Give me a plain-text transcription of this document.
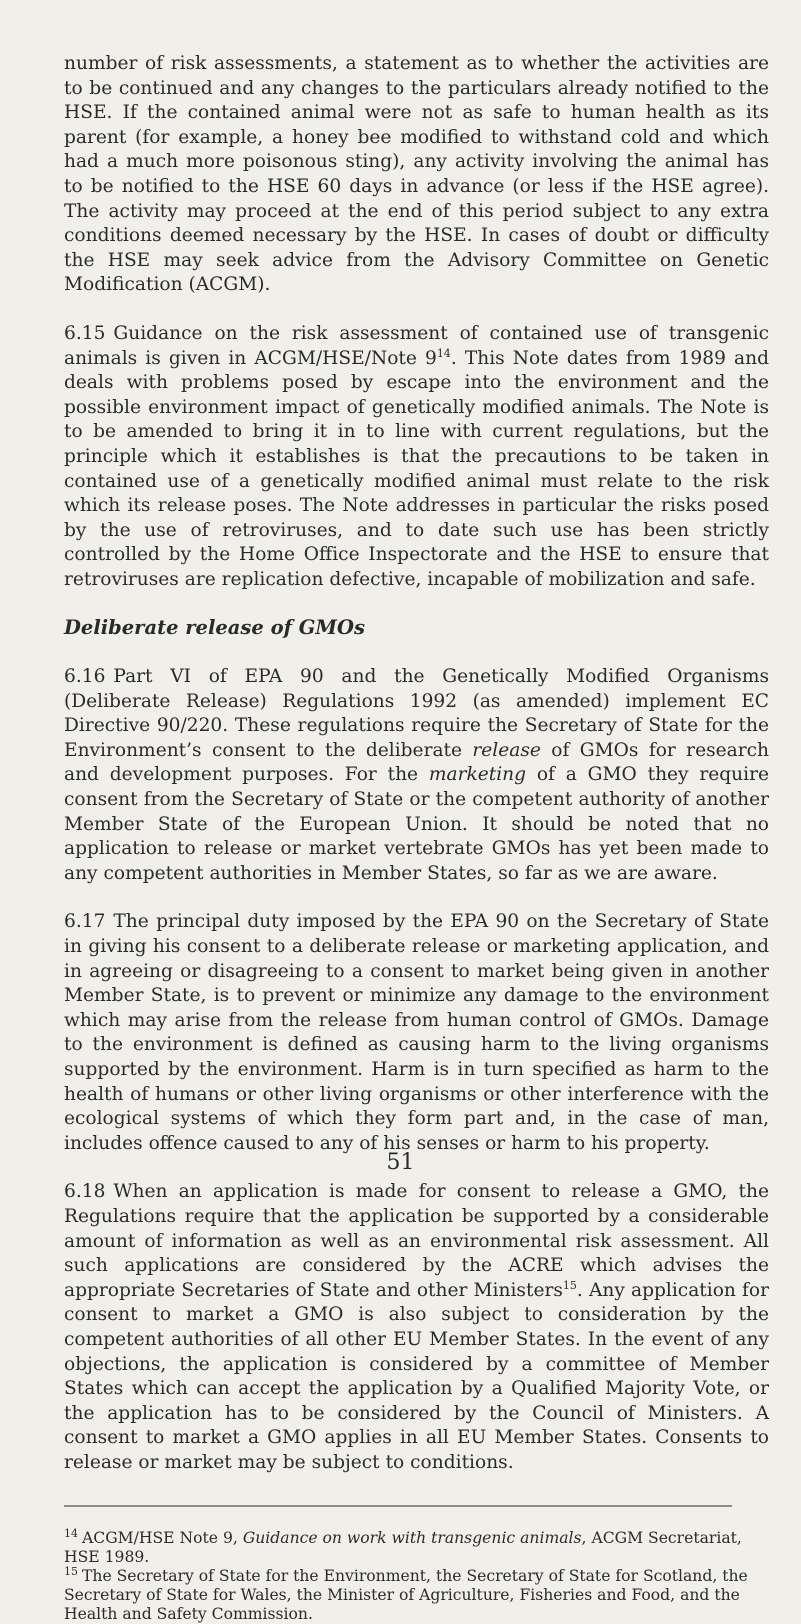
number of risk assessments, a statement as to whether the activities are to be continued and any changes to the particulars already notified to the HSE. If the contained animal were not as safe to human health as its parent (for example, a honey bee modified to withstand cold and which had a much more poisonous sting), any activity involving the animal has to be notified to the HSE 60 days in advance (or less if the HSE agree). The activity may proceed at the end of this period subject to any extra conditions deemed necessary by the HSE. In cases of doubt or difficulty the HSE may seek advice from the Advisory Committee on Genetic Modification (ACGM).

6.15 Guidance on the risk assessment of contained use of transgenic animals is given in ACGM/HSE/Note $9^{14}$. This Note dates from 1989 and deals with problems posed by escape into the environment and the possible environment impact of genetically modified animals. The Note is to be amended to bring it in to line with current regulations, but the principle which it establishes is that the precautions to be taken in contained use of a genetically modified animal must relate to the risk which its release poses. The Note addresses in particular the risks posed by the use of retroviruses, and to date such use has been strictly controlled by the Home Office Inspectorate and the HSE to ensure that retroviruses are replication defective, incapable of mobilization and safe.

Deliberate release of GMOs

6.16 Part VI of EPA 90 and the Genetically Modified Organisms (Deliberate Release) Regulations 1992 (as amended) implement EC Directive 90/220. These regulations require the Secretary of State for the Environment’s consent to the deliberate release of GMOs for research and development purposes. For the marketing of a GMO they require consent from the Secretary of State or the competent authority of another Member State of the European Union. It should be noted that no application to release or market vertebrate GMOs has yet been made to any competent authorities in Member States, so far as we are aware.

6.17 The principal duty imposed by the EPA 90 on the Secretary of State in giving his consent to a deliberate release or marketing application, and in agreeing or disagreeing to a consent to market being given in another Member State, is to prevent or minimize any damage to the environment which may arise from the release from human control of GMOs. Damage to the environment is defined as causing harm to the living organisms supported by the environment. Harm is in turn specified as harm to the health of humans or other living organisms or other interference with the ecological systems of which they form part and, in the case of man, includes offence caused to any of his senses or harm to his property.

6.18 When an application is made for consent to release a GMO, the Regulations require that the application be supported by a considerable amount of information as well as an environmental risk assessment. All such applications are considered by the ACRE which advises the appropriate Secretaries of State and other Ministers$^{15}$. Any application for consent to market a GMO is also subject to consideration by the competent authorities of all other EU Member States. In the event of any objections, the application is considered by a committee of Member States which can accept the application by a Qualified Majority Vote, or the application has to be considered by the Council of Ministers. A consent to market a GMO applies in all EU Member States. Consents to release or market may be subject to conditions.

$^{14}$ ACGM/HSE Note 9, Guidance on work with transgenic animals, ACGM Secretariat, HSE 1989.

$^{15}$ The Secretary of State for the Environment, the Secretary of State for Scotland, the Secretary of State for Wales, the Minister of Agriculture, Fisheries and Food, and the Health and Safety Commission.

51
